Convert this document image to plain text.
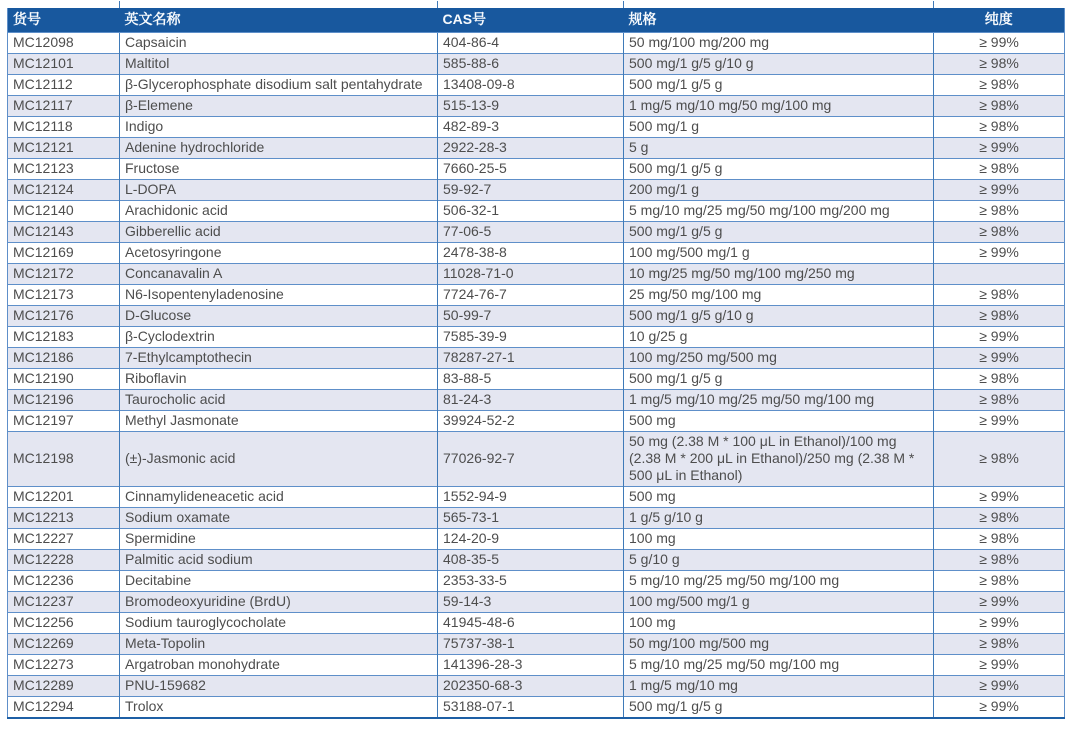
货号	英文名称	CAS号	规格	纯度
MC12098	Capsaicin	404-86-4	50 mg/100 mg/200 mg	≥ 99%
MC12101	Maltitol	585-88-6	500 mg/1 g/5 g/10 g	≥ 98%
MC12112	β-Glycerophosphate disodium salt pentahydrate	13408-09-8	500 mg/1 g/5 g	≥ 98%
MC12117	β-Elemene	515-13-9	1 mg/5 mg/10 mg/50 mg/100 mg	≥ 98%
MC12118	Indigo	482-89-3	500 mg/1 g	≥ 98%
MC12121	Adenine hydrochloride	2922-28-3	5 g	≥ 99%
MC12123	Fructose	7660-25-5	500 mg/1 g/5 g	≥ 98%
MC12124	L-DOPA	59-92-7	200 mg/1 g	≥ 99%
MC12140	Arachidonic acid	506-32-1	5 mg/10 mg/25 mg/50 mg/100 mg/200 mg	≥ 98%
MC12143	Gibberellic acid	77-06-5	500 mg/1 g/5 g	≥ 98%
MC12169	Acetosyringone	2478-38-8	100 mg/500 mg/1 g	≥ 99%
MC12172	Concanavalin A	11028-71-0	10 mg/25 mg/50 mg/100 mg/250 mg	
MC12173	N6-Isopentenyladenosine	7724-76-7	25 mg/50 mg/100 mg	≥ 98%
MC12176	D-Glucose	50-99-7	500 mg/1 g/5 g/10 g	≥ 98%
MC12183	β-Cyclodextrin	7585-39-9	10 g/25 g	≥ 99%
MC12186	7-Ethylcamptothecin	78287-27-1	100 mg/250 mg/500 mg	≥ 99%
MC12190	Riboflavin	83-88-5	500 mg/1 g/5 g	≥ 98%
MC12196	Taurocholic acid	81-24-3	1 mg/5 mg/10 mg/25 mg/50 mg/100 mg	≥ 98%
MC12197	Methyl Jasmonate	39924-52-2	500 mg	≥ 99%
MC12198	(±)-Jasmonic acid	77026-92-7	50 mg (2.38 M * 100 μL in Ethanol)/100 mg (2.38 M * 200 μL in Ethanol)/250 mg (2.38 M * 500 μL in Ethanol)	≥ 98%
MC12201	Cinnamylideneacetic acid	1552-94-9	500 mg	≥ 99%
MC12213	Sodium oxamate	565-73-1	1 g/5 g/10 g	≥ 98%
MC12227	Spermidine	124-20-9	100 mg	≥ 98%
MC12228	Palmitic acid sodium	408-35-5	5 g/10 g	≥ 98%
MC12236	Decitabine	2353-33-5	5 mg/10 mg/25 mg/50 mg/100 mg	≥ 98%
MC12237	Bromodeoxyuridine (BrdU)	59-14-3	100 mg/500 mg/1 g	≥ 99%
MC12256	Sodium tauroglycocholate	41945-48-6	100 mg	≥ 99%
MC12269	Meta-Topolin	75737-38-1	50 mg/100 mg/500 mg	≥ 98%
MC12273	Argatroban monohydrate	141396-28-3	5 mg/10 mg/25 mg/50 mg/100 mg	≥ 99%
MC12289	PNU-159682	202350-68-3	1 mg/5 mg/10 mg	≥ 99%
MC12294	Trolox	53188-07-1	500 mg/1 g/5 g	≥ 99%
